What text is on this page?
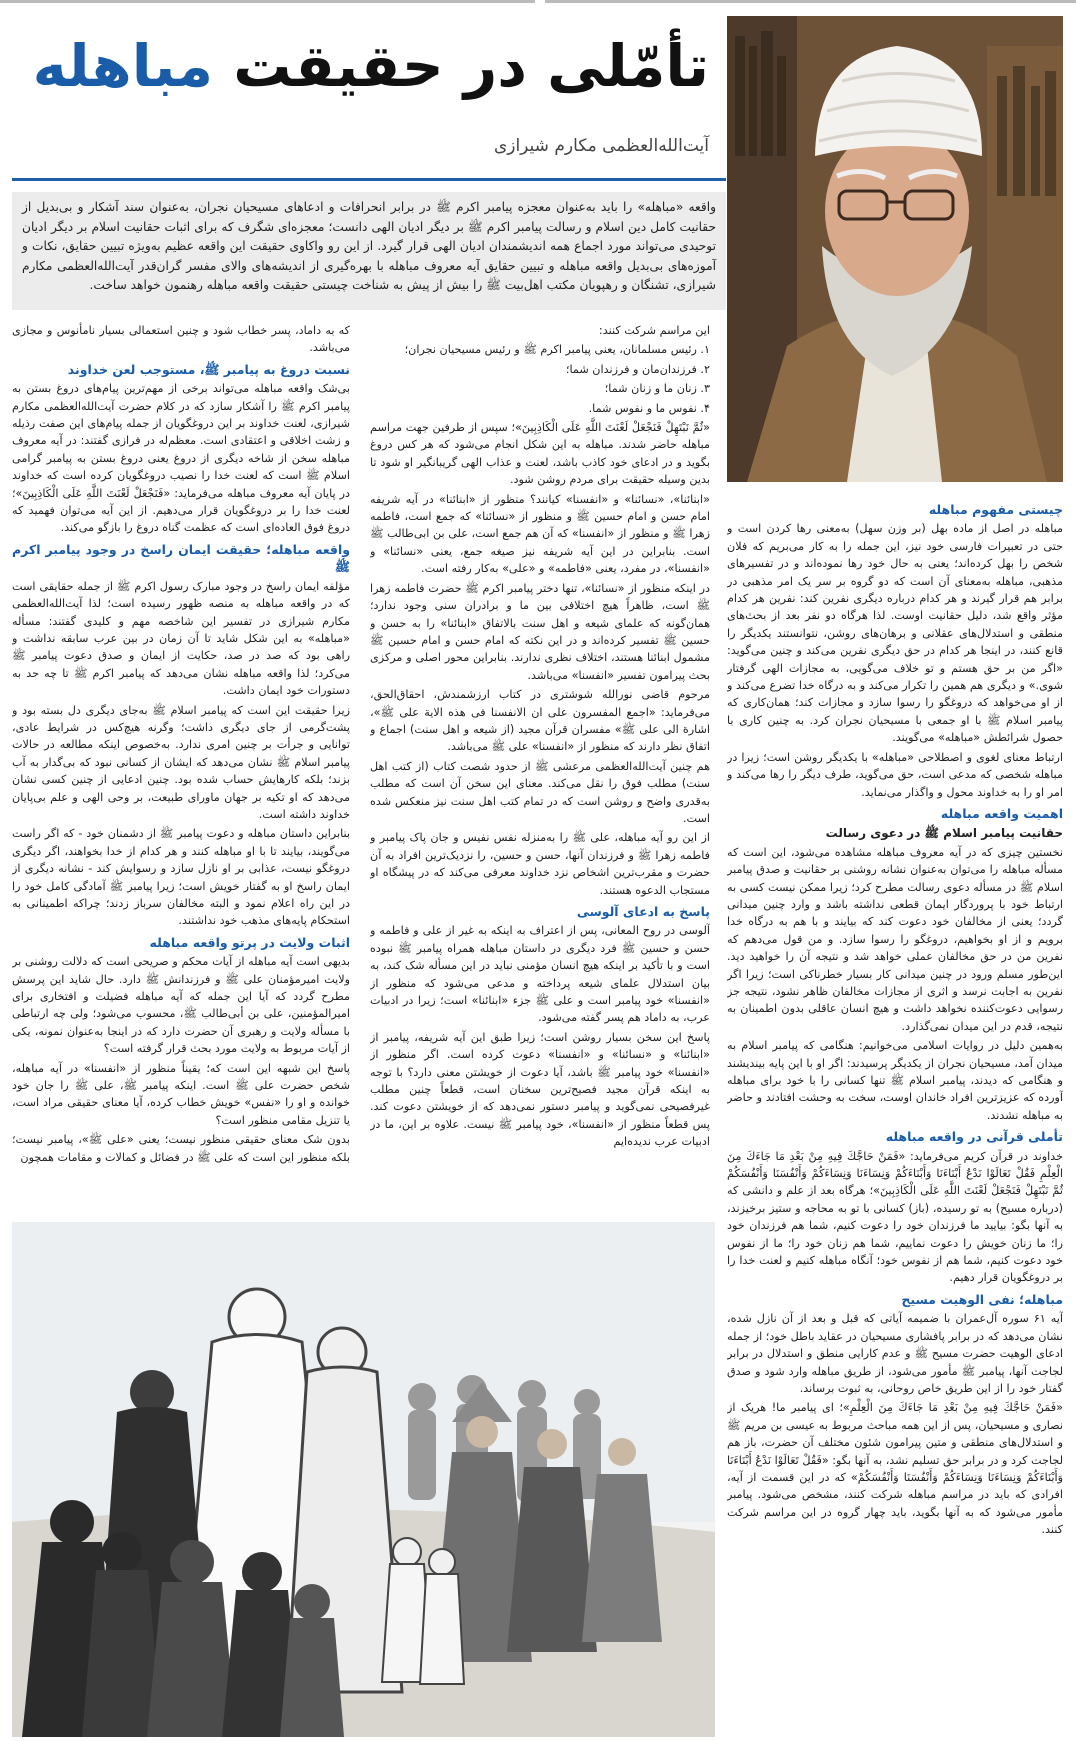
تأمّلی در حقیقت مباهله
آیت‌الله‌العظمی مکارم شیرازی
واقعه «مباهله» را باید به‌عنوان معجزه پیامبر اکرم ﷺ در برابر انحرافات و ادعاهای مسیحیان نجران، به‌عنوان سند آشکار و بی‌بدیل از حقانیت کامل دین اسلام و رسالت پیامبر اکرم ﷺ بر دیگر ادیان الهی دانست؛ معجزه‌ای شگرف که برای اثبات حقانیت اسلام بر دیگر ادیان توحیدی می‌تواند مورد اجماع همه اندیشمندان ادیان الهی قرار گیرد. از این رو واکاوی حقیقت این واقعه عظیم به‌ویژه تبیین حقایق، نکات و آموزه‌های بی‌بدیل واقعه مباهله و تبیین حقایق آیه معروف مباهله با بهره‌گیری از اندیشه‌های والای مفسر گران‌قدر آیت‌الله‌العظمی مکارم شیرازی، تشنگان و رهپویان مکتب اهل‌بیت ﷺ را بیش از پیش به شناخت چیستی حقیقت واقعه مباهله رهنمون خواهد ساخت.
چیستی مفهوم مباهله

مباهله در اصل از ماده بهل (بر وزن سهل) به‌معنی رها کردن است و حتی در تعبیرات فارسی خود نیز، این جمله را به کار می‌بریم که فلان شخص را بهل کرده‌اند؛ یعنی به حال خود رها نموده‌اند و در تفسیرهای مذهبی، مباهله به‌معنای آن است که دو گروه بر سر یک امر مذهبی در برابر هم قرار گیرند و هر کدام درباره دیگری نفرین کند: نفرین هر کدام مؤثر واقع شد، دلیل حقانیت اوست. لذا هرگاه دو نفر بعد از بحث‌های منطقی و استدلال‌های عقلانی و برهان‌های روشن، نتوانستند یکدیگر را قانع کنند، در اینجا هر کدام در حق دیگری نفرین می‌کند و چنین می‌گوید: «اگر من بر حق هستم و تو خلاف می‌گویی، به مجازات الهی گرفتار شوی.» و دیگری هم همین را تکرار می‌کند و به درگاه خدا تضرع می‌کند و از او می‌خواهد که دروغگو را رسوا سازد و مجازات کند؛ همان‌کاری که پیامبر اسلام ﷺ با او جمعی با مسیحیان نجران کرد. به چنین کاری با حصول شرائطش «مباهله» می‌گویند.

ارتباط معنای لغوی و اصطلاحی «مباهله» با یکدیگر روشن است؛ زیرا در مباهله شخصی که مدعی است، حق می‌گوید، طرف دیگر را رها می‌کند و امر او را به خداوند محول و واگذار می‌نماید.

اهمیت واقعه مباهله
حقانیت پیامبر اسلام ﷺ در دعوی رسالت

نخستین چیزی که در آیه معروف مباهله مشاهده می‌شود، این است که مسأله مباهله را می‌توان به‌عنوان نشانه روشنی بر حقانیت و صدق پیامبر اسلام ﷺ در مسأله دعوی رسالت مطرح کرد؛ زیرا ممکن نیست کسی به ارتباط خود با پروردگار ایمان قطعی نداشته باشد و وارد چنین میدانی گردد؛ یعنی از مخالفان خود دعوت کند که بیایند و با هم به درگاه خدا برویم و از او بخواهیم، دروغگو را رسوا سازد. و من قول می‌دهم که نفرین من در حق مخالفان عملی خواهد شد و نتیجه آن را خواهید دید. این‌طور مسلم ورود در چنین میدانی کار بسیار خطرناکی است؛ زیرا اگر نفرین به اجابت نرسد و اثری از مجازات مخالفان ظاهر نشود، نتیجه جز رسوایی دعوت‌کننده نخواهد داشت و هیچ انسان عاقلی بدون اطمینان به نتیجه، قدم در این میدان نمی‌گذارد.

به‌همین دلیل در روایات اسلامی می‌خوانیم: هنگامی که پیامبر اسلام به میدان آمد، مسیحیان نجران از یکدیگر پرسیدند: اگر او با این پایه بیندیشند و هنگامی که دیدند، پیامبر اسلام ﷺ تنها کسانی را با خود برای مباهله آورده که عزیزترین افراد خاندان اوست، سخت به وحشت افتادند و حاضر به مباهله نشدند.

تأملی قرآنی در واقعه مباهله

خداوند در قرآن کریم می‌فرماید: «فَمَنْ حَاجَّكَ فِيهِ مِنْ بَعْدِ مَا جَاءَكَ مِنَ الْعِلْمِ فَقُلْ تَعَالَوْا نَدْعُ أَبْنَاءَنَا وَأَبْنَاءَكُمْ وَنِسَاءَنَا وَنِسَاءَكُمْ وَأَنْفُسَنَا وَأَنْفُسَكُمْ ثُمَّ نَبْتَهِلْ فَنَجْعَلْ لَعْنَتَ اللَّهِ عَلَى الْكَاذِبِينَ»؛ هرگاه بعد از علم و دانشی که (درباره مسیح) به تو رسیده، (باز) کسانی با تو به محاجه و ستیز برخیزند، به آنها بگو: بیایید ما فرزندان خود را دعوت کنیم، شما هم فرزندان خود را؛ ما زنان خویش را دعوت نماییم، شما هم زنان خود را؛ ما از نفوس خود دعوت کنیم، شما هم از نفوس خود؛ آنگاه مباهله کنیم و لعنت خدا را بر دروغگویان قرار دهیم.

مباهله؛ نفی الوهیت مسیح

آیه ۶۱ سوره آل‌عمران با ضمیمه آیاتی که قبل و بعد از آن نازل شده، نشان می‌دهد که در برابر پافشاری مسیحیان در عقاید باطل خود؛ از جمله ادعای الوهیت حضرت مسیح ﷺ و عدم کارایی منطق و استدلال در برابر لجاجت آنها، پیامبر ﷺ مأمور می‌شود، از طریق مباهله وارد شود و صدق گفتار خود را از این طریق خاص روحانی، به ثبوت برساند.

«فَمَنْ حَاجَّكَ فِيهِ مِنْ بَعْدِ مَا جَاءَكَ مِنَ الْعِلْمِ»؛ ای پیامبر ما! هریک از نصاری و مسیحیان، پس از این همه مباحث مربوط به عیسی بن مریم ﷺ و استدلال‌های منطقی و متین پیرامون شئون مختلف آن حضرت، باز هم لجاجت کرد و در برابر حق تسلیم نشد، به آنها بگو: «فَقُلْ تَعَالَوْا نَدْعُ أَبْنَاءَنَا وَأَبْنَاءَكُمْ وَنِسَاءَنَا وَنِسَاءَكُمْ وَأَنْفُسَنَا وَأَنْفُسَكُمْ» که در این قسمت از آیه، افرادی که باید در مراسم مباهله شرکت کنند، مشخص می‌شود. پیامبر مأمور می‌شود که به آنها بگوید، باید چهار گروه در این مراسم شرکت کنند.

این مراسم شرکت کنند:

۱. رئیس مسلمانان، یعنی پیامبر اکرم ﷺ و رئیس مسیحیان نجران؛

۲. فرزندان‌مان و فرزندان شما؛

۳. زنان ما و زنان شما؛

۴. نفوس ما و نفوس شما.

«ثُمَّ نَبْتَهِلْ فَنَجْعَلْ لَعْنَتَ اللَّهِ عَلَى الْكَاذِبِينَ»؛ سپس از طرفین جهت مراسم مباهله حاضر شدند. مباهله به این شکل انجام می‌شود که هر کس دروغ بگوید و در ادعای خود کاذب باشد، لعنت و عذاب الهی گریبانگیر او شود تا بدین وسیله حقیقت برای مردم روشن شود.

«ابنائنا»، «نسائنا» و «انفسنا» کیانند؟ منظور از «ابنائنا» در آیه شریفه امام حسن و امام حسین ﷺ و منظور از «نسائنا» که جمع است، فاطمه زهرا ﷺ و منظور از «انفسنا» که آن هم جمع است، علی بن ابی‌طالب ﷺ است. بنابراین در این آیه شریفه نیز صیغه جمع، یعنی «نسائنا» و «انفسنا»، در مفرد، یعنی «فاطمه» و «علی» به‌کار رفته است.

در اینکه منظور از «نسائنا»، تنها دختر پیامبر اکرم ﷺ حضرت فاطمه زهرا ﷺ است، ظاهراً هیچ اختلافی بین ما و برادران سنی وجود ندارد؛ همان‌گونه که علمای شیعه و اهل سنت بالاتفاق «ابنائنا» را به حسن و حسین ﷺ تفسیر کرده‌اند و در این نکته که امام حسن و امام حسین ﷺ مشمول ابنائنا هستند، اختلاف نظری ندارند. بنابراین محور اصلی و مرکزی بحث پیرامون تفسیر «انفسنا» می‌باشد.

مرحوم قاضی نورالله شوشتری در کتاب ارزشمندش، احقاق‌الحق، می‌فرماید: «اجمع المفسرون علی ان الانفسنا فی هذه الایة علی ﷺ»، اشارة الی علی ﷺ» مفسران قرآن مجید (از شیعه و اهل سنت) اجماع و اتفاق نظر دارند که منظور از «انفسنا» علی ﷺ می‌باشد.

هم چنین آیت‌الله‌العظمی مرعشی ﷺ از حدود شصت کتاب (از کتب اهل سنت) مطلب فوق را نقل می‌کند. معنای این سخن آن است که مطلب به‌قدری واضح و روشن است که در تمام کتب اهل سنت نیز منعکس شده است.

از این رو آیه مباهله، علی ﷺ را به‌منزله نفس نفیس و جان پاک پیامبر و فاطمه زهرا ﷺ و فرزندان آنها، حسن و حسین، را نزدیک‌ترین افراد به آن حضرت و مقرب‌ترین اشخاص نزد خداوند معرفی می‌کند که در پیشگاه او مستجاب الدعوه هستند.

پاسخ به ادعای آلوسی

آلوسی در روح المعانی، پس از اعتراف به اینکه به غیر از علی و فاطمه و حسن و حسین ﷺ فرد دیگری در داستان مباهله همراه پیامبر ﷺ نبوده است و با تأکید بر اینکه هیچ انسان مؤمنی نباید در این مسأله شک کند، به بیان استدلال علمای شیعه پرداخته و مدعی می‌شود که منظور از «انفسنا» خود پیامبر است و علی ﷺ جزء «ابنائنا» است؛ زیرا در ادبیات عرب، به داماد هم پسر گفته می‌شود.

پاسخ این سخن بسیار روشن است؛ زیرا طبق این آیه شریفه، پیامبر از «ابنائنا» و «نسائنا» و «انفسنا» دعوت کرده است. اگر منظور از «انفسنا» خود پیامبر ﷺ باشد، آیا دعوت از خویشتن معنی دارد؟ با توجه به اینکه قرآن مجید فصیح‌ترین سخنان است، قطعاً چنین مطلب غیرفصیحی نمی‌گوید و پیامبر دستور نمی‌دهد که از خویشتن دعوت کند. پس قطعاً منظور از «انفسنا»، خود پیامبر ﷺ نیست. علاوه بر این، ما در ادبیات عرب ندیده‌ایم

که به داماد، پسر خطاب شود و چنین استعمالی بسیار نامأنوس و مجازی می‌باشد.

نسبت دروغ به پیامبر ﷺ، مستوجب لعن خداوند

بی‌شک واقعه مباهله می‌تواند برخی از مهم‌ترین پیام‌های دروغ بستن به پیامبر اکرم ﷺ را آشکار سازد که در کلام حضرت آیت‌الله‌العظمی مکارم شیرازی، لعنت خداوند بر این دروغگویان از جمله پیام‌های این صفت رذیله و زشت اخلاقی و اعتقادی است. معظم‌له در فرازی گفتند: در آیه معروف مباهله سخن از شاخه دیگری از دروغ یعنی دروغ بستن به پیامبر گرامی اسلام ﷺ است که لعنت خدا را نصیب دروغگویان کرده است که خداوند در پایان آیه معروف مباهله می‌فرماید: «فَنَجْعَلْ لَعْنَتَ اللَّهِ عَلَى الْكَاذِبِينَ»؛ لعنت خدا را بر دروغگویان قرار می‌دهیم. از این آیه می‌توان فهمید که دروغ فوق العاده‌ای است که عظمت گناه دروغ را بازگو می‌کند.

واقعه مباهله؛ حقیقت ایمان راسخ در وجود پیامبر اکرم ﷺ

مؤلفه ایمان راسخ در وجود مبارک رسول اکرم ﷺ از جمله حقایقی است که در واقعه مباهله به منصه ظهور رسیده است؛ لذا آیت‌الله‌العظمی مکارم شیرازی در تفسیر این شاخصه مهم و کلیدی گفتند: مسأله «مباهله» به این شکل شاید تا آن زمان در بین عرب سابقه نداشت و راهی بود که صد در صد، حکایت از ایمان و صدق دعوت پیامبر ﷺ می‌کرد؛ لذا واقعه مباهله نشان می‌دهد که پیامبر اکرم ﷺ تا چه حد به دستورات خود ایمان داشت.

زیرا حقیقت این است که پیامبر اسلام ﷺ به‌جای دیگری دل بسته بود و پشت‌گرمی از جای دیگری داشت؛ وگرنه هیچ‌کس در شرایط عادی، توانایی و جرأت بر چنین امری ندارد. به‌خصوص اینکه مطالعه در حالات پیامبر اسلام ﷺ نشان می‌دهد که ایشان از کسانی نبود که بی‌گدار به آب بزند؛ بلکه کارهایش حساب شده بود. چنین ادعایی از چنین کسی نشان می‌دهد که او تکیه بر جهان ماورای طبیعت، بر وحی الهی و علم بی‌پایان خداوند داشته است.

بنابراین داستان مباهله و دعوت پیامبر ﷺ از دشمنان خود - که اگر راست می‌گویند، بیایند تا با او مباهله کنند و هر کدام از خدا بخواهند، اگر دیگری دروغگو نیست، عذابی بر او نازل سازد و رسوایش کند - نشانه دیگری از ایمان راسخ او به گفتار خویش است؛ زیرا پیامبر ﷺ آمادگی کامل خود را در این راه اعلام نمود و البته مخالفان سرباز زدند؛ چراکه اطمینانی به استحکام پایه‌های مذهب خود نداشتند.

اثبات ولایت در پرتو واقعه مباهله

بدیهی است آیه مباهله از آیات محکم و صریحی است که دلالت روشنی بر ولایت امیرمؤمنان علی ﷺ و فرزندانش ﷺ دارد. حال شاید این پرسش مطرح گردد که آیا این جمله که آیه مباهله فضیلت و افتخاری برای امیرالمؤمنین، علی بن أبی‌طالب ﷺ، محسوب می‌شود؛ ولی چه ارتباطی با مسأله ولایت و رهبری آن حضرت دارد که در اینجا به‌عنوان نمونه، یکی از آیات مربوط به ولایت مورد بحث قرار گرفته است؟

پاسخ این شبهه این است که؛ یقیناً منظور از «انفسنا» در آیه مباهله، شخص حضرت علی ﷺ است. اینکه پیامبر ﷺ، علی ﷺ را جان خود خوانده و او را «نفس» خویش خطاب کرده، آیا معنای حقیقی مراد است، یا تنزیل مقامی منظور است؟

بدون شک معنای حقیقی منظور نیست؛ یعنی «علی ﷺ»، پیامبر نیست؛ بلکه منظور این است که علی ﷺ در فضائل و کمالات و مقامات همچون
